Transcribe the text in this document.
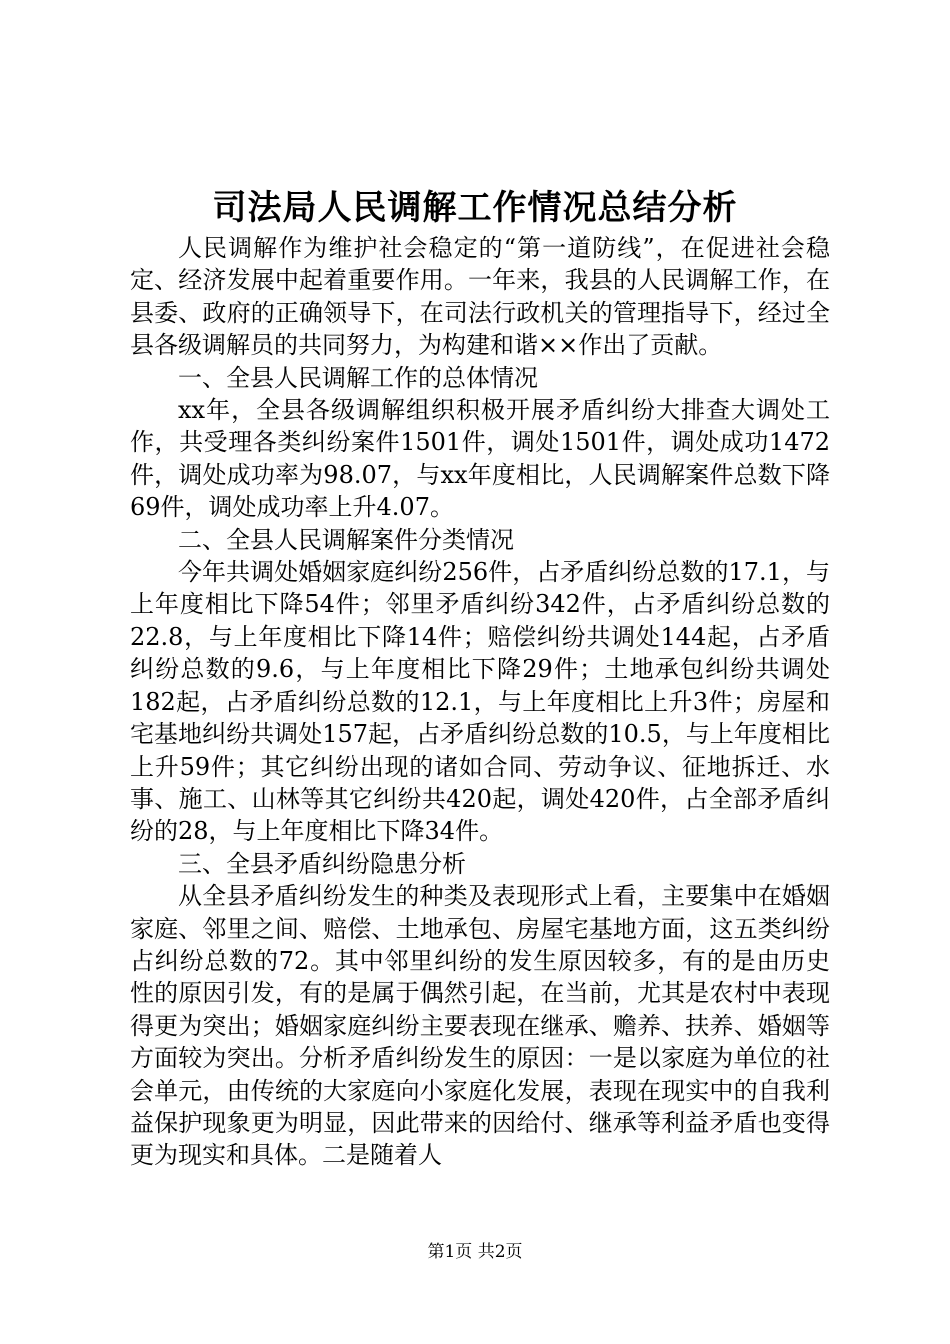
司法局人民调解工作情况总结分析

人民调解作为维护社会稳定的“第一道防线”，在促进社会稳定、经济发展中起着重要作用。一年来，我县的人民调解工作，在县委、政府的正确领导下，在司法行政机关的管理指导下，经过全县各级调解员的共同努力，为构建和谐××作出了贡献。

一、全县人民调解工作的总体情况

xx年，全县各级调解组织积极开展矛盾纠纷大排查大调处工作，共受理各类纠纷案件1501件，调处1501件，调处成功1472件，调处成功率为98.07，与xx年度相比，人民调解案件总数下降69件，调处成功率上升4.07。

二、全县人民调解案件分类情况

今年共调处婚姻家庭纠纷256件，占矛盾纠纷总数的17.1，与上年度相比下降54件；邻里矛盾纠纷342件，占矛盾纠纷总数的22.8，与上年度相比下降14件；赔偿纠纷共调处144起，占矛盾纠纷总数的9.6，与上年度相比下降29件；土地承包纠纷共调处182起，占矛盾纠纷总数的12.1，与上年度相比上升3件；房屋和宅基地纠纷共调处157起，占矛盾纠纷总数的10.5，与上年度相比上升59件；其它纠纷出现的诸如合同、劳动争议、征地拆迁、水事、施工、山林等其它纠纷共420起，调处420件，占全部矛盾纠纷的28，与上年度相比下降34件。

三、全县矛盾纠纷隐患分析

从全县矛盾纠纷发生的种类及表现形式上看，主要集中在婚姻家庭、邻里之间、赔偿、土地承包、房屋宅基地方面，这五类纠纷占纠纷总数的72。其中邻里纠纷的发生原因较多，有的是由历史性的原因引发，有的是属于偶然引起，在当前，尤其是农村中表现得更为突出；婚姻家庭纠纷主要表现在继承、赡养、扶养、婚姻等方面较为突出。分析矛盾纠纷发生的原因：一是以家庭为单位的社会单元，由传统的大家庭向小家庭化发展，表现在现实中的自我利益保护现象更为明显，因此带来的因给付、继承等利益矛盾也变得更为现实和具体。二是随着人

第1页 共2页
